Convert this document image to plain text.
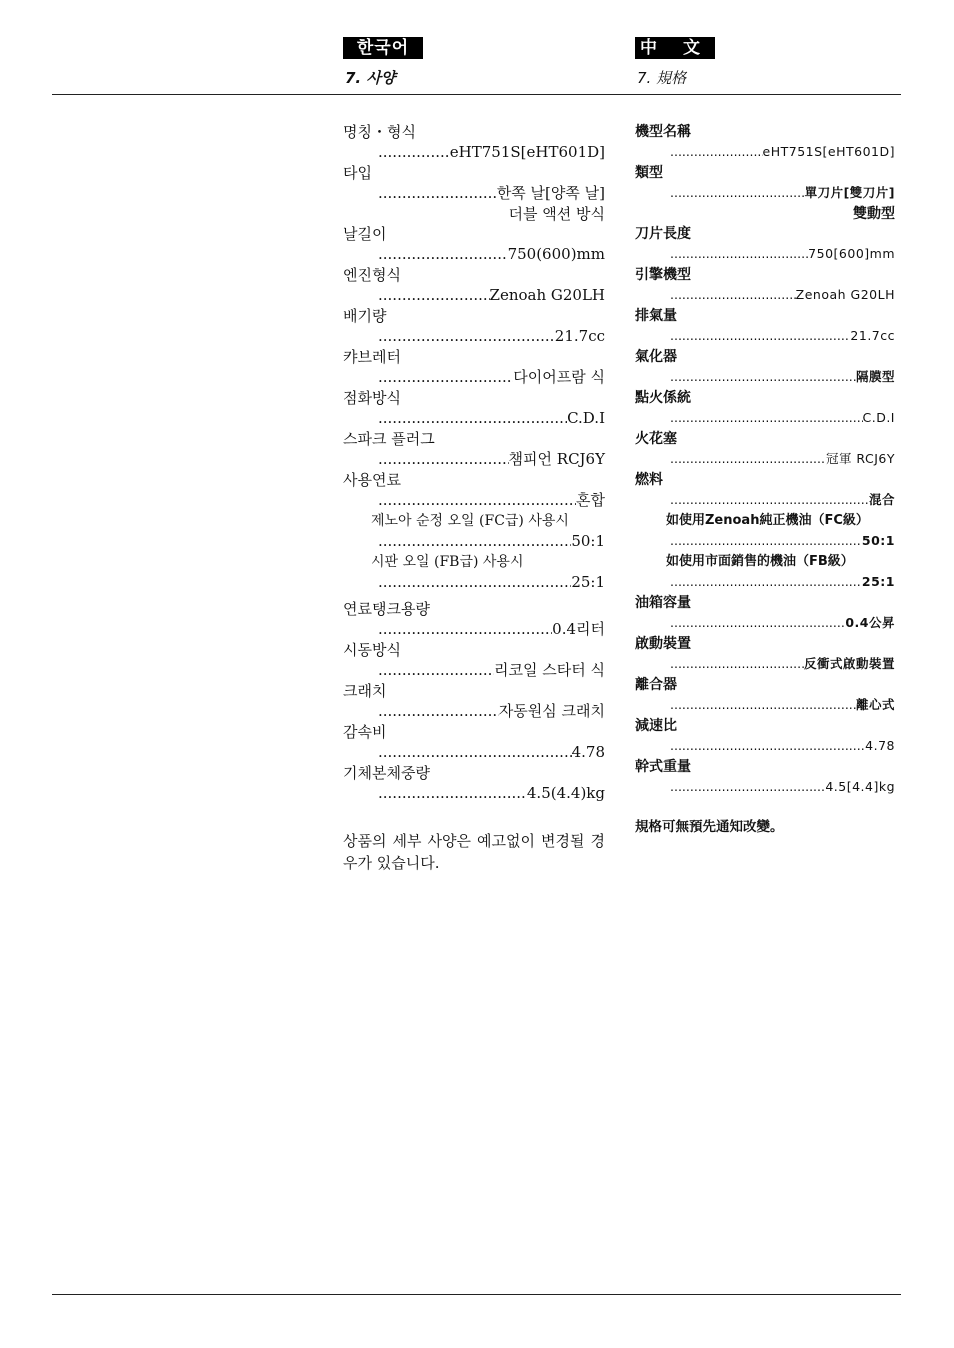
한국어
7. 사양
中 文
7. 規格
명칭・형식
.....
eHT751S[eHT601D]
타입
.....
한쪽 날[양쪽 날]
더블 액션 방식
날길이
.....
750(600)mm
엔진형식
.....
Zenoah G20LH
배기량
.....
21.7cc
캬브레터
.....
다이어프람 식
점화방식
.....
C.D.I
스파크 플러그
.....
챔피언 RCJ6Y
사용연료
.....
혼합
제노아 순정 오일 (FC급) 사용시
.....
50:1
시판 오일 (FB급) 사용시
.....
25:1
연료탱크용량
.....
0.4리터
시동방식
.....
리코일 스타터 식
크래치
.....
자동원심 크래치
감속비
.....
4.78
기체본체중량
.....
4.5(4.4)kg
상품의 세부 사양은 예고없이 변경될 경우가 있습니다.
機型名稱
.....
eHT751S[eHT601D]
類型
.....
單刀片[雙刀片]
雙動型
刀片長度
.....
750[600]mm
引擎機型
.....
Zenoah G20LH
排氣量
.....
21.7cc
氣化器
.....
隔膜型
點火係統
.....
C.D.I
火花塞
.....
冠軍 RCJ6Y
燃料
.....
混合
如使用Zenoah純正機油（FC級）
.....
50:1
如使用市面銷售的機油（FB級）
.....
25:1
油箱容量
.....
0.4公昇
啟動裝置
.....
反衝式啟動裝置
離合器
.....
離心式
減速比
.....
4.78
幹式重量
.....
4.5[4.4]kg
規格可無預先通知改變。
